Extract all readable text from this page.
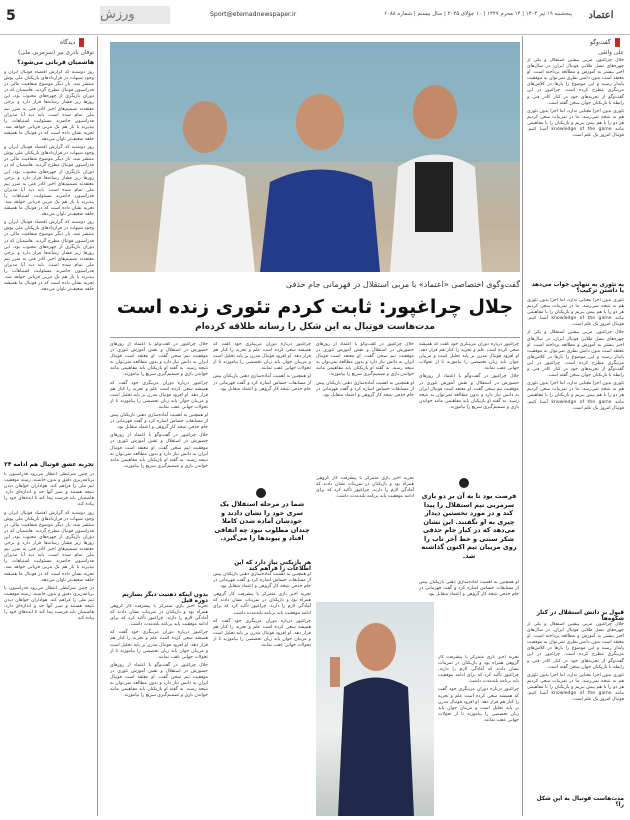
5	ورزش	Sport@etemadnewspaper.ir	پنجشنبه ۱۹ تیر ۱۴۰۴ | ۱۴ محرم ۱۴۴۷ | ۱۰ جولای ۲۰۲۵ | سال بیستم | شماره ۶۰۸۸	اعتماد
دیدگاه
توفان نادری نیر (سرمربی ملی)
هاشمیان قربانی می‌شود؟

روز دوشنبه که گزارش اقتصاد فوتبال ایران و وجود شبهات در قراردادهای بازیکنان ملی پوش منتشر شد، بار دیگر موضوع شفافیت مالی در فدراسیون فوتبال مطرح گردید. هاشمیان که در دوران بازیگری از چهره‌های محبوب بود، این روزها زیر فشار رسانه‌ها قرار دارد و برخی معتقدند تصمیم‌های اخیر کادر فنی به ضرر تیم ملی تمام شده است. باید دید آیا مدیران فدراسیون حاضرند مسئولیت اشتباهات را بپذیرند یا باز هم یک مربی قربانی خواهد شد. تجربه نشان داده است که در فوتبال ما همیشه حلقه ضعیف‌تر تاوان می‌دهد.

روز دوشنبه که گزارش اقتصاد فوتبال ایران و وجود شبهات در قراردادهای بازیکنان ملی پوش منتشر شد، بار دیگر موضوع شفافیت مالی در فدراسیون فوتبال مطرح گردید. هاشمیان که در دوران بازیگری از چهره‌های محبوب بود، این روزها زیر فشار رسانه‌ها قرار دارد و برخی معتقدند تصمیم‌های اخیر کادر فنی به ضرر تیم ملی تمام شده است. باید دید آیا مدیران فدراسیون حاضرند مسئولیت اشتباهات را بپذیرند یا باز هم یک مربی قربانی خواهد شد. تجربه نشان داده است که در فوتبال ما همیشه حلقه ضعیف‌تر تاوان می‌دهد.

روز دوشنبه که گزارش اقتصاد فوتبال ایران و وجود شبهات در قراردادهای بازیکنان ملی پوش منتشر شد، بار دیگر موضوع شفافیت مالی در فدراسیون فوتبال مطرح گردید. هاشمیان که در دوران بازیگری از چهره‌های محبوب بود، این روزها زیر فشار رسانه‌ها قرار دارد و برخی معتقدند تصمیم‌های اخیر کادر فنی به ضرر تیم ملی تمام شده است. باید دید آیا مدیران فدراسیون حاضرند مسئولیت اشتباهات را بپذیرند یا باز هم یک مربی قربانی خواهد شد. تجربه نشان داده است که در فوتبال ما همیشه حلقه ضعیف‌تر تاوان می‌دهد.

تجربه عشق فوتبال هم ادامه ۲۴

در چنین شرایطی انتظار می‌رود فدراسیون با برنامه‌ریزی دقیق و بدون حاشیه، زمینه موفقیت تیم ملی را فراهم کند. هواداران خواهان دیدن نتیجه هستند و صبر آنها حد و اندازه‌ای دارد. هاشمیان باید فرصت پیدا کند تا ایده‌های خود را پیاده کند.

روز دوشنبه که گزارش اقتصاد فوتبال ایران و وجود شبهات در قراردادهای بازیکنان ملی پوش منتشر شد، بار دیگر موضوع شفافیت مالی در فدراسیون فوتبال مطرح گردید. هاشمیان که در دوران بازیگری از چهره‌های محبوب بود، این روزها زیر فشار رسانه‌ها قرار دارد و برخی معتقدند تصمیم‌های اخیر کادر فنی به ضرر تیم ملی تمام شده است. باید دید آیا مدیران فدراسیون حاضرند مسئولیت اشتباهات را بپذیرند یا باز هم یک مربی قربانی خواهد شد. تجربه نشان داده است که در فوتبال ما همیشه حلقه ضعیف‌تر تاوان می‌دهد.

در چنین شرایطی انتظار می‌رود فدراسیون با برنامه‌ریزی دقیق و بدون حاشیه، زمینه موفقیت تیم ملی را فراهم کند. هواداران خواهان دیدن نتیجه هستند و صبر آنها حد و اندازه‌ای دارد. هاشمیان باید فرصت پیدا کند تا ایده‌های خود را پیاده کند.

گفت‌وگو
علی واثقی

جلال چراغپور، مربی پیشین استقلال و یکی از چهره‌های نسل طلایی فوتبال ایران، در سال‌های اخیر بیشتر به آموزش و مطالعه پرداخته است. او معتقد است بدون دانش نظری نمی‌توان به موفقیت پایدار رسید و این موضوع را بارها در کلاس‌های مربیگری مطرح کرده است. چراغپور در این گفت‌وگو از تجربه‌های خود در کنار کادر فنی و رابطه با بازیکنان جوان سخن گفته است.

تئوری بدون اجرا معنایی ندارد، اما اجرا بدون تئوری هم به نتیجه نمی‌رسد. ما در تمرینات سعی کردیم هر دو را با هم پیش ببریم و بازیکنان را با مفاهیمی مانند knowledge of the game آشنا کنیم. فوتبال امروز یک علم است.

به تئوری به تنهایی جواب می‌دهد یا داشتن ترکیب؟

تئوری بدون اجرا معنایی ندارد، اما اجرا بدون تئوری هم به نتیجه نمی‌رسد. ما در تمرینات سعی کردیم هر دو را با هم پیش ببریم و بازیکنان را با مفاهیمی مانند knowledge of the game آشنا کنیم. فوتبال امروز یک علم است.

جلال چراغپور، مربی پیشین استقلال و یکی از چهره‌های نسل طلایی فوتبال ایران، در سال‌های اخیر بیشتر به آموزش و مطالعه پرداخته است. او معتقد است بدون دانش نظری نمی‌توان به موفقیت پایدار رسید و این موضوع را بارها در کلاس‌های مربیگری مطرح کرده است. چراغپور در این گفت‌وگو از تجربه‌های خود در کنار کادر فنی و رابطه با بازیکنان جوان سخن گفته است.

تئوری بدون اجرا معنایی ندارد، اما اجرا بدون تئوری هم به نتیجه نمی‌رسد. ما در تمرینات سعی کردیم هر دو را با هم پیش ببریم و بازیکنان را با مفاهیمی مانند knowledge of the game آشنا کنیم. فوتبال امروز یک علم است.

قبول بر دانش استقلال در کنار شکوه‌ها

جلال چراغپور، مربی پیشین استقلال و یکی از چهره‌های نسل طلایی فوتبال ایران، در سال‌های اخیر بیشتر به آموزش و مطالعه پرداخته است. او معتقد است بدون دانش نظری نمی‌توان به موفقیت پایدار رسید و این موضوع را بارها در کلاس‌های مربیگری مطرح کرده است. چراغپور در این گفت‌وگو از تجربه‌های خود در کنار کادر فنی و رابطه با بازیکنان جوان سخن گفته است.

تئوری بدون اجرا معنایی ندارد، اما اجرا بدون تئوری هم به نتیجه نمی‌رسد. ما در تمرینات سعی کردیم هر دو را با هم پیش ببریم و بازیکنان را با مفاهیمی مانند knowledge of the game آشنا کنیم. فوتبال امروز یک علم است.

مدت‌هاست فوتبال به این شکل را؟
گفت‌وگوی اختصاصی «اعتماد» با مربی استقلال در قهرمانی جام حذفی
جلال چراغپور: ثابت کردم تئوری زنده است
مدت‌هاست فوتبال به این شکل را رسانه طلاقه کرده‌ام

جلال چراغپور در گفت‌وگو با اعتماد از روزهای حضورش در استقلال و نقش آموزش تئوری در موفقیت تیم سخن گفت. او معتقد است فوتبال ایران به دانش نیاز دارد و بدون مطالعه نمی‌توان به نتیجه رسید. به گفته او بازیکنان باید مفاهیمی مانند خواندن بازی و تصمیم‌گیری سریع را بیاموزند.

چراغپور درباره دوران مربیگری خود گفت که همیشه سعی کرده است علم و تجربه را کنار هم قرار دهد. او افزود فوتبال مدرن بر پایه تحلیل است و مربیان جوان باید زبان تخصصی را بیاموزند تا از تحولات جهانی عقب نمانند.

او همچنین به اهمیت آماده‌سازی ذهنی بازیکنان پیش از مسابقات حساس اشاره کرد و گفت قهرمانی در جام حذفی نتیجه کار گروهی و اعتماد متقابل بود.

جلال چراغپور در گفت‌وگو با اعتماد از روزهای حضورش در استقلال و نقش آموزش تئوری در موفقیت تیم سخن گفت. او معتقد است فوتبال ایران به دانش نیاز دارد و بدون مطالعه نمی‌توان به نتیجه رسید. به گفته او بازیکنان باید مفاهیمی مانند خواندن بازی و تصمیم‌گیری سریع را بیاموزند.

چراغپور درباره دوران مربیگری خود گفت که همیشه سعی کرده است علم و تجربه را کنار هم قرار دهد. او افزود فوتبال مدرن بر پایه تحلیل است و مربیان جوان باید زبان تخصصی را بیاموزند تا از تحولات جهانی عقب نمانند.

او همچنین به اهمیت آماده‌سازی ذهنی بازیکنان پیش از مسابقات حساس اشاره کرد و گفت قهرمانی در جام حذفی نتیجه کار گروهی و اعتماد متقابل بود.

جلال چراغپور در گفت‌وگو با اعتماد از روزهای حضورش در استقلال و نقش آموزش تئوری در موفقیت تیم سخن گفت. او معتقد است فوتبال ایران به دانش نیاز دارد و بدون مطالعه نمی‌توان به نتیجه رسید. به گفته او بازیکنان باید مفاهیمی مانند خواندن بازی و تصمیم‌گیری سریع را بیاموزند.

او همچنین به اهمیت آماده‌سازی ذهنی بازیکنان پیش از مسابقات حساس اشاره کرد و گفت قهرمانی در جام حذفی نتیجه کار گروهی و اعتماد متقابل بود.

چراغپور درباره دوران مربیگری خود گفت که همیشه سعی کرده است علم و تجربه را کنار هم قرار دهد. او افزود فوتبال مدرن بر پایه تحلیل است و مربیان جوان باید زبان تخصصی را بیاموزند تا از تحولات جهانی عقب نمانند.

جلال چراغپور در گفت‌وگو با اعتماد از روزهای حضورش در استقلال و نقش آموزش تئوری در موفقیت تیم سخن گفت. او معتقد است فوتبال ایران به دانش نیاز دارد و بدون مطالعه نمی‌توان به نتیجه رسید. به گفته او بازیکنان باید مفاهیمی مانند خواندن بازی و تصمیم‌گیری سریع را بیاموزند.

فرصت بود تا به آن بر دو بازی سرمربی تیم استقلال را پیدا کند و در مورد نخستین دیدار چیزی به او نگفتند. این نشان می‌دهد که در کنار جام حذفی شکر سنتی و خط آخر ناب را روی مربیان تیم اکنون گذاشته شد.
شما در مرحله استقلال یک سری خود را نشان دادند و خودشان آماده شدن کاملا چندان مطلوب نبود چه اتفاقی افتاد و پیوندها را می‌گیرد.

تجربه اخیر بازی متمرکز با پیشرفت کار گروهی همراه بود و بازیکنان در تمرینات نشان دادند که آمادگی لازم را دارند. چراغپور تأکید کرد که برای ادامه موفقیت باید برنامه بلندمدت داشت.

او همچنین به اهمیت آماده‌سازی ذهنی بازیکنان پیش از مسابقات حساس اشاره کرد و گفت قهرمانی در جام حذفی نتیجه کار گروهی و اعتماد متقابل بود.

بدون اینکه ذهنیت دیگر بسازیم دوره قبل

تجربه اخیر بازی متمرکز با پیشرفت کار گروهی همراه بود و بازیکنان در تمرینات نشان دادند که آمادگی لازم را دارند. چراغپور تأکید کرد که برای ادامه موفقیت باید برنامه بلندمدت داشت.

چراغپور درباره دوران مربیگری خود گفت که همیشه سعی کرده است علم و تجربه را کنار هم قرار دهد. او افزود فوتبال مدرن بر پایه تحلیل است و مربیان جوان باید زبان تخصصی را بیاموزند تا از تحولات جهانی عقب نمانند.

جلال چراغپور در گفت‌وگو با اعتماد از روزهای حضورش در استقلال و نقش آموزش تئوری در موفقیت تیم سخن گفت. او معتقد است فوتبال ایران به دانش نیاز دارد و بدون مطالعه نمی‌توان به نتیجه رسید. به گفته او بازیکنان باید مفاهیمی مانند خواندن بازی و تصمیم‌گیری سریع را بیاموزند.

هر بازیکنی نیاز دارد که این اطلاعات را فراهم کند

او همچنین به اهمیت آماده‌سازی ذهنی بازیکنان پیش از مسابقات حساس اشاره کرد و گفت قهرمانی در جام حذفی نتیجه کار گروهی و اعتماد متقابل بود.

تجربه اخیر بازی متمرکز با پیشرفت کار گروهی همراه بود و بازیکنان در تمرینات نشان دادند که آمادگی لازم را دارند. چراغپور تأکید کرد که برای ادامه موفقیت باید برنامه بلندمدت داشت.

چراغپور درباره دوران مربیگری خود گفت که همیشه سعی کرده است علم و تجربه را کنار هم قرار دهد. او افزود فوتبال مدرن بر پایه تحلیل است و مربیان جوان باید زبان تخصصی را بیاموزند تا از تحولات جهانی عقب نمانند.

تجربه اخیر بازی متمرکز با پیشرفت کار گروهی همراه بود و بازیکنان در تمرینات نشان دادند که آمادگی لازم را دارند. چراغپور تأکید کرد که برای ادامه موفقیت باید برنامه بلندمدت داشت.

چراغپور درباره دوران مربیگری خود گفت که همیشه سعی کرده است علم و تجربه را کنار هم قرار دهد. او افزود فوتبال مدرن بر پایه تحلیل است و مربیان جوان باید زبان تخصصی را بیاموزند تا از تحولات جهانی عقب نمانند.
